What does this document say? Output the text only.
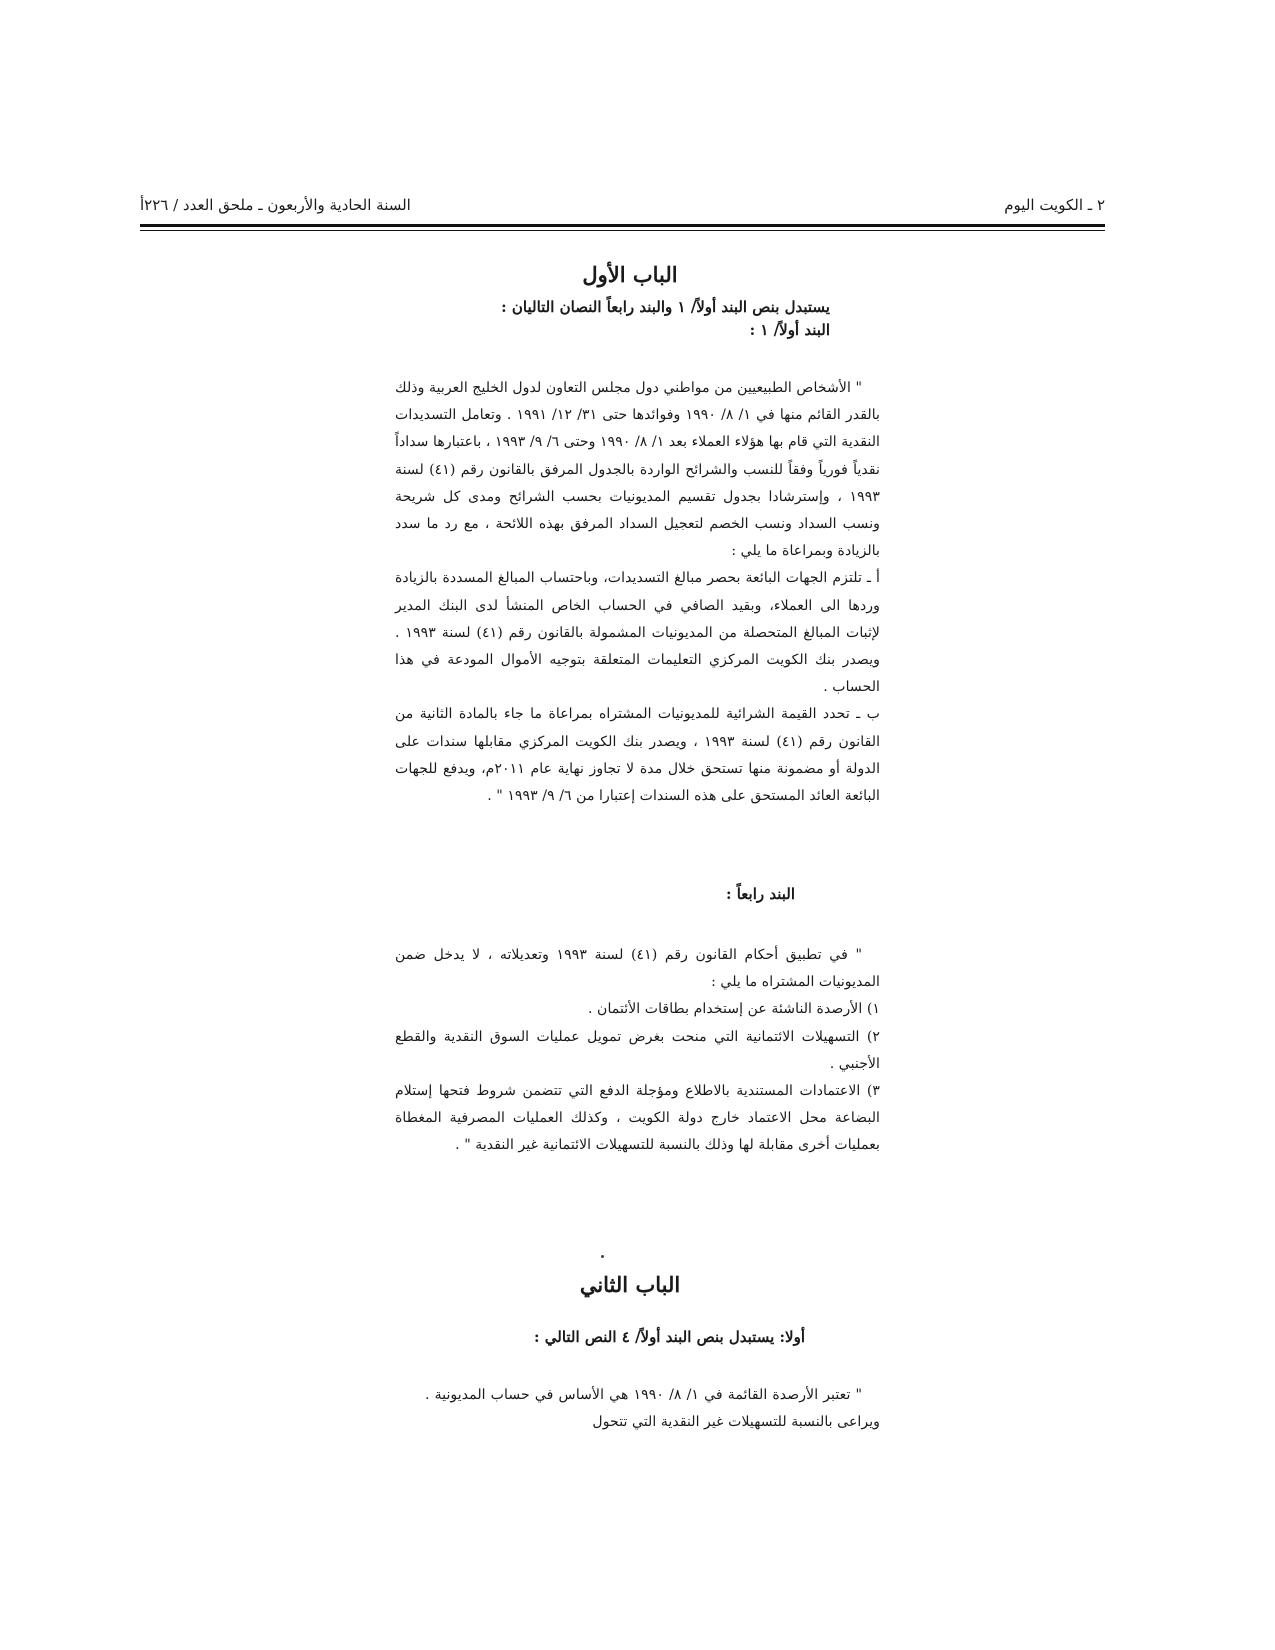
٢ ـ الكويت اليوم
السنة الحادية والأربعون ـ ملحق العدد / ٢٢٦أ
الباب الأول
يستبدل بنص البند أولاً/ ١ والبند رابعاً النصان التاليان :
البند أولاً/ ١ :

" الأشخاص الطبيعيين من مواطني دول مجلس التعاون لدول الخليج العربية وذلك بالقدر القائم منها في ١/ ٨/ ١٩٩٠ وفوائدها حتى ٣١/ ١٢/ ١٩٩١ . وتعامل التسديدات النقدية التي قام بها هؤلاء العملاء بعد ١/ ٨/ ١٩٩٠ وحتى ٦/ ٩/ ١٩٩٣ ، باعتبارها سداداً نقدياً فورياً وفقاً للنسب والشرائح الواردة بالجدول المرفق بالقانون رقم (٤١) لسنة ١٩٩٣ ، وإسترشادا بجدول تقسيم المديونيات بحسب الشرائح ومدى كل شريحة ونسب السداد ونسب الخصم لتعجيل السداد المرفق بهذه اللائحة ، مع رد ما سدد بالزيادة وبمراعاة ما يلي :

أ ـ تلتزم الجهات البائعة بحصر مبالغ التسديدات، وباحتساب المبالغ المسددة بالزيادة وردها الى العملاء، وبقيد الصافي في الحساب الخاص المنشأ لدى البنك المدير لإثبات المبالغ المتحصلة من المديونيات المشمولة بالقانون رقم (٤١) لسنة ١٩٩٣ . ويصدر بنك الكويت المركزي التعليمات المتعلقة بتوجيه الأموال المودعة في هذا الحساب .

ب ـ تحدد القيمة الشرائية للمديونيات المشتراه بمراعاة ما جاء بالمادة الثانية من القانون رقم (٤١) لسنة ١٩٩٣ ، ويصدر بنك الكويت المركزي مقابلها سندات على الدولة أو مضمونة منها تستحق خلال مدة لا تجاوز نهاية عام ٢٠١١م، ويدفع للجهات البائعة العائد المستحق على هذه السندات إعتبارا من ٦/ ٩/ ١٩٩٣ " .

البند رابعاً :

" في تطبيق أحكام القانون رقم (٤١) لسنة ١٩٩٣ وتعديلاته ، لا يدخل ضمن المديونيات المشتراه ما يلي :

١) الأرصدة الناشئة عن إستخدام بطاقات الأئتمان .

٢) التسهيلات الائتمانية التي منحت بغرض تمويل عمليات السوق النقدية والقطع الأجنبي .

٣) الاعتمادات المستندية بالاطلاع ومؤجلة الدفع التي تتضمن شروط فتحها إستلام البضاعة محل الاعتماد خارج دولة الكويت ، وكذلك العمليات المصرفية المغطاة بعمليات أخرى مقابلة لها وذلك بالنسبة للتسهيلات الائتمانية غير النقدية " .

الباب الثاني
أولا: يستبدل بنص البند أولاً/ ٤ النص التالي :

" تعتبر الأرصدة القائمة في ١/ ٨/ ١٩٩٠ هي الأساس في حساب المديونية . ويراعى بالنسبة للتسهيلات غير النقدية التي تتحول
